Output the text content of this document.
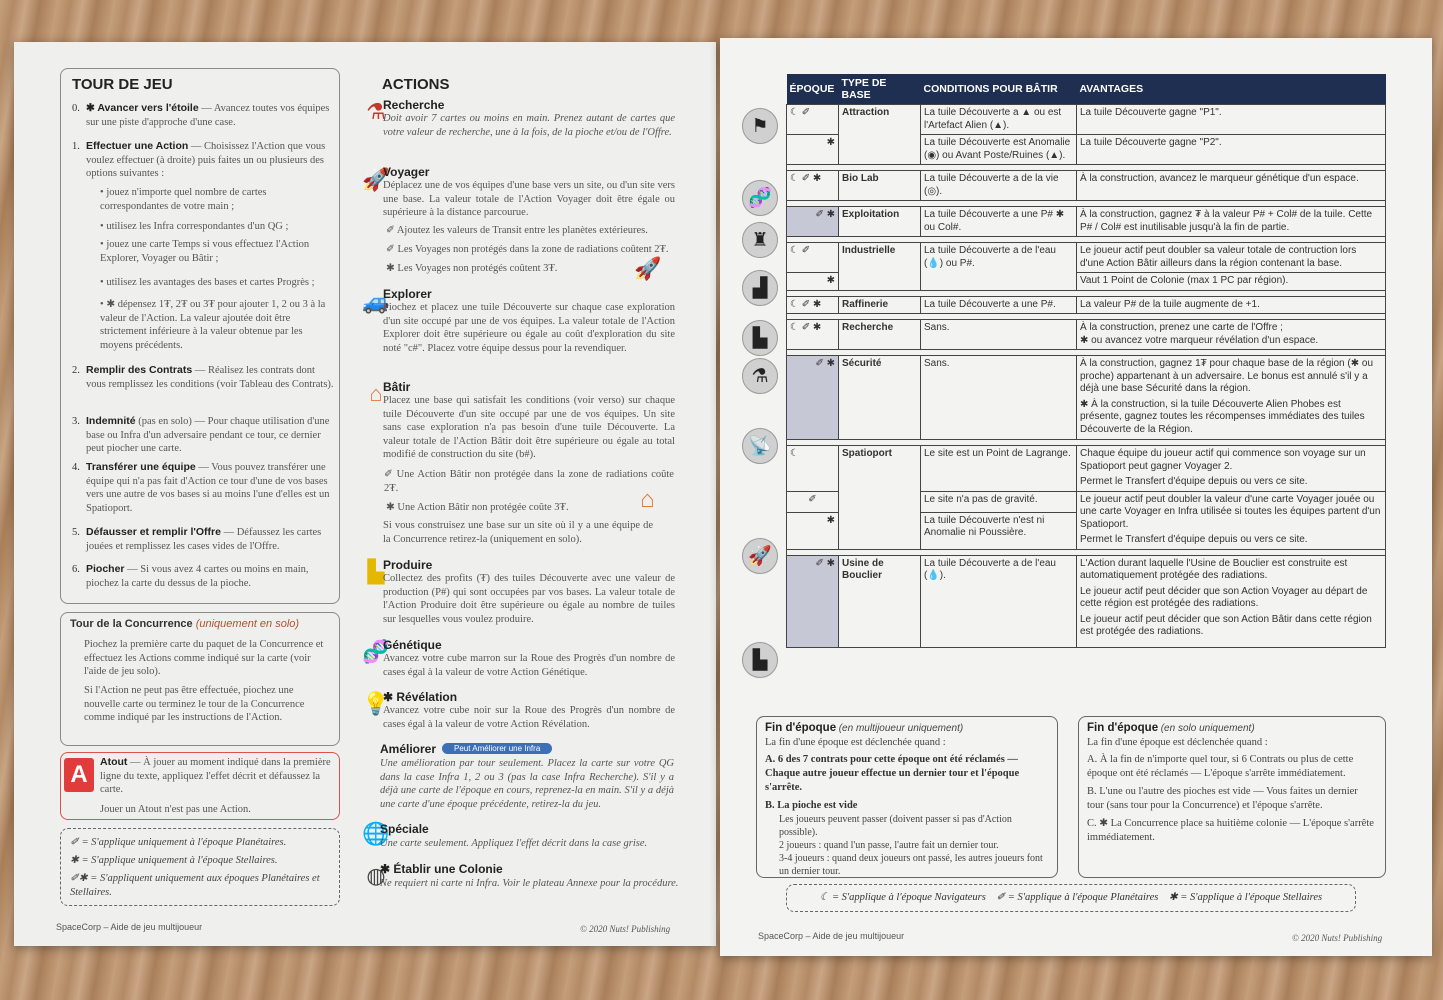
TOUR DE JEU
0. ✱ Avancer vers l'étoile — Avancez toutes vos équipes sur une piste d'approche d'une case.
1. Effectuer une Action — Choisissez l'Action que vous voulez effectuer (à droite) puis faites un ou plusieurs des options suivantes :
• jouez n'importe quel nombre de cartes correspondantes de votre main ;
• utilisez les Infra correspondantes d'un QG ;
• jouez une carte Temps si vous effectuez l'Action Explorer, Voyager ou Bâtir ;
• utilisez les avantages des bases et cartes Progrès ;
• ✱ dépensez 1₮, 2₮ ou 3₮ pour ajouter 1, 2 ou 3 à la valeur de l'Action. La valeur ajoutée doit être strictement inférieure à la valeur obtenue par les moyens précédents.
2. Remplir des Contrats — Réalisez les contrats dont vous remplissez les conditions (voir Tableau des Contrats).
3. Indemnité (pas en solo) — Pour chaque utilisation d'une base ou Infra d'un adversaire pendant ce tour, ce dernier peut piocher une carte.
4. Transférer une équipe — Vous pouvez transférer une équipe qui n'a pas fait d'Action ce tour d'une de vos bases vers une autre de vos bases si au moins l'une d'elles est un Spatioport.
5. Défausser et remplir l'Offre — Défaussez les cartes jouées et remplissez les cases vides de l'Offre.
6. Piocher — Si vous avez 4 cartes ou moins en main, piochez la carte du dessus de la pioche.
Tour de la Concurrence (uniquement en solo)
Piochez la première carte du paquet de la Concurrence et effectuez les Actions comme indiqué sur la carte (voir l'aide de jeu solo).
Si l'Action ne peut pas être effectuée, piochez une nouvelle carte ou terminez le tour de la Concurrence comme indiqué par les instructions de l'Action.
A	Atout — À jouer au moment indiqué dans la première ligne du texte, appliquez l'effet décrit et défaussez la carte.
Jouer un Atout n'est pas une Action.
✐ = S'applique uniquement à l'époque Planétaires.
✱ = S'applique uniquement à l'époque Stellaires.
✐✱ = S'appliquent uniquement aux époques Planétaires et Stellaires.
SpaceCorp – Aide de jeu multijoueur	© 2020 Nuts! Publishing
ACTIONS
⚗
Recherche
Doit avoir 7 cartes ou moins en main. Prenez autant de cartes que votre valeur de recherche, une à la fois, de la pioche et/ou de l'Offre.
🚀
Voyager
Déplacez une de vos équipes d'une base vers un site, ou d'un site vers une base. La valeur totale de l'Action Voyager doit être égale ou supérieure à la distance parcourue.
✐ Ajoutez les valeurs de Transit entre les planètes extérieures.
✐ Les Voyages non protégés dans la zone de radiations coûtent 2₮.
✱ Les Voyages non protégés coûtent 3₮.	🚀
🚙
Explorer
Piochez et placez une tuile Découverte sur chaque case exploration d'un site occupé par une de vos équipes. La valeur totale de l'Action Explorer doit être supérieure ou égale au coût d'exploration du site noté "c#". Placez votre équipe dessus pour la revendiquer.
⌂ Bâtir
Placez une base qui satisfait les conditions (voir verso) sur chaque tuile Découverte d'un site occupé par une de vos équipes. Un site sans case exploration n'a pas besoin d'une tuile Découverte. La valeur totale de l'Action Bâtir doit être supérieure ou égale au total modifié de construction du site (b#).
✐ Une Action Bâtir non protégée dans la zone de radiations coûte 2₮.
✱ Une Action Bâtir non protégée coûte 3₮.	⌂
Si vous construisez une base sur un site où il y a une équipe de la Concurrence retirez-la (uniquement en solo).
▙
Produire
Collectez des profits (₮) des tuiles Découverte avec une valeur de production (P#) qui sont occupées par vos bases. La valeur totale de l'Action Produire doit être supérieure ou égale au nombre de tuiles sur lesquelles vous voulez produire.
🧬
Génétique
Avancez votre cube marron sur la Roue des Progrès d'un nombre de cases égal à la valeur de votre Action Génétique.
💡
✱ Révélation
Avancez votre cube noir sur la Roue des Progrès d'un nombre de cases égal à la valeur de votre Action Révélation.
Améliorer	Peut Améliorer une Infra
Une amélioration par tour seulement. Placez la carte sur votre QG dans la case Infra 1, 2 ou 3 (pas la case Infra Recherche). S'il y a déjà une carte de l'époque en cours, reprenez-la en main. S'il y a déjà une carte d'une époque précédente, retirez-la du jeu.
🌐
Spéciale
Une carte seulement. Appliquez l'effet décrit dans la case grise.
◍
✱ Établir une Colonie
Ne requiert ni carte ni Infra. Voir le plateau Annexe pour la procédure.
⚑
🧬
♜
▟
▙
⚗
📡
🚀
▙
ÉPOQUE	TYPE DE BASE	CONDITIONS POUR BÂTIR	AVANTAGES
☾ ✐	Attraction	La tuile Découverte a ▲ ou est l'Artefact Alien (▲).	La tuile Découverte gagne "P1".
✱		La tuile Découverte est Anomalie (◉) ou Avant Poste/Ruines (▲).	La tuile Découverte gagne "P2".

☾ ✐ ✱	Bio Lab	La tuile Découverte a de la vie (◎).	À la construction, avancez le marqueur génétique d'un espace.

✐ ✱	Exploitation	La tuile Découverte a une P# ✱ ou Col#.	À la construction, gagnez ₮ à la valeur P# + Col# de la tuile. Cette P# / Col# est inutilisable jusqu'à la fin de partie.

☾ ✐	Industrielle	La tuile Découverte a de l'eau (💧) ou P#.	Le joueur actif peut doubler sa valeur totale de contruction lors d'une Action Bâtir ailleurs dans la région contenant la base.
✱			Vaut 1 Point de Colonie (max 1 PC par région).

☾ ✐ ✱	Raffinerie	La tuile Découverte a une P#.	La valeur P# de la tuile augmente de +1.

☾ ✐ ✱	Recherche	Sans.	À la construction, prenez une carte de l'Offre ;
✱ ou avancez votre marqueur révélation d'un espace.

✐ ✱	Sécurité	Sans.	À la construction, gagnez 1₮ pour chaque base de la région (✱ ou proche) appartenant à un adversaire. Le bonus est annulé s'il y a déjà une base Sécurité dans la région.
✱ À la construction, si la tuile Découverte Alien Phobes est présente, gagnez toutes les récompenses immédiates des tuiles Découverte de la Région.

☾	Spatioport	Le site est un Point de Lagrange.	Chaque équipe du joueur actif qui commence son voyage sur un Spatioport peut gagner Voyager 2.
Permet le Transfert d'équipe depuis ou vers ce site.

✐		Le site n'a pas de gravité.	Le joueur actif peut doubler la valeur d'une carte Voyager jouée ou une carte Voyager en Infra utilisée si toutes les équipes partent d'un Spatioport.
Permet le Transfert d'équipe depuis ou vers ce site.

✱		La tuile Découverte n'est ni Anomalie ni Poussière.	

✐ ✱	Usine de Bouclier	La tuile Découverte a de l'eau (💧).	L'Action durant laquelle l'Usine de Bouclier est construite est automatiquement protégée des radiations.
Le joueur actif peut décider que son Action Voyager au départ de cette région est protégée des radiations.
Le joueur actif peut décider que son Action Bâtir dans cette région est protégée des radiations.
Fin d'époque (en multijoueur uniquement)
La fin d'une époque est déclenchée quand :
A. 6 des 7 contrats pour cette époque ont été réclamés — Chaque autre joueur effectue un dernier tour et l'époque s'arrête.
B. La pioche est vide
Les joueurs peuvent passer (doivent passer si pas d'Action possible).
2 joueurs : quand l'un passe, l'autre fait un dernier tour.
3-4 joueurs : quand deux joueurs ont passé, les autres joueurs font un dernier tour.
Fin d'époque (en solo uniquement)
La fin d'une époque est déclenchée quand :
A. À la fin de n'importe quel tour, si 6 Contrats ou plus de cette époque ont été réclamés — L'époque s'arrête immédiatement.
B. L'une ou l'autre des pioches est vide — Vous faites un dernier tour (sans tour pour la Concurrence) et l'époque s'arrête.
C. ✱ La Concurrence place sa huitième colonie — L'époque s'arrête immédiatement.
☾ = S'applique à l'époque Navigateurs    ✐ = S'applique à l'époque Planétaires    ✱ = S'applique à l'époque Stellaires
SpaceCorp – Aide de jeu multijoueur	© 2020 Nuts! Publishing
